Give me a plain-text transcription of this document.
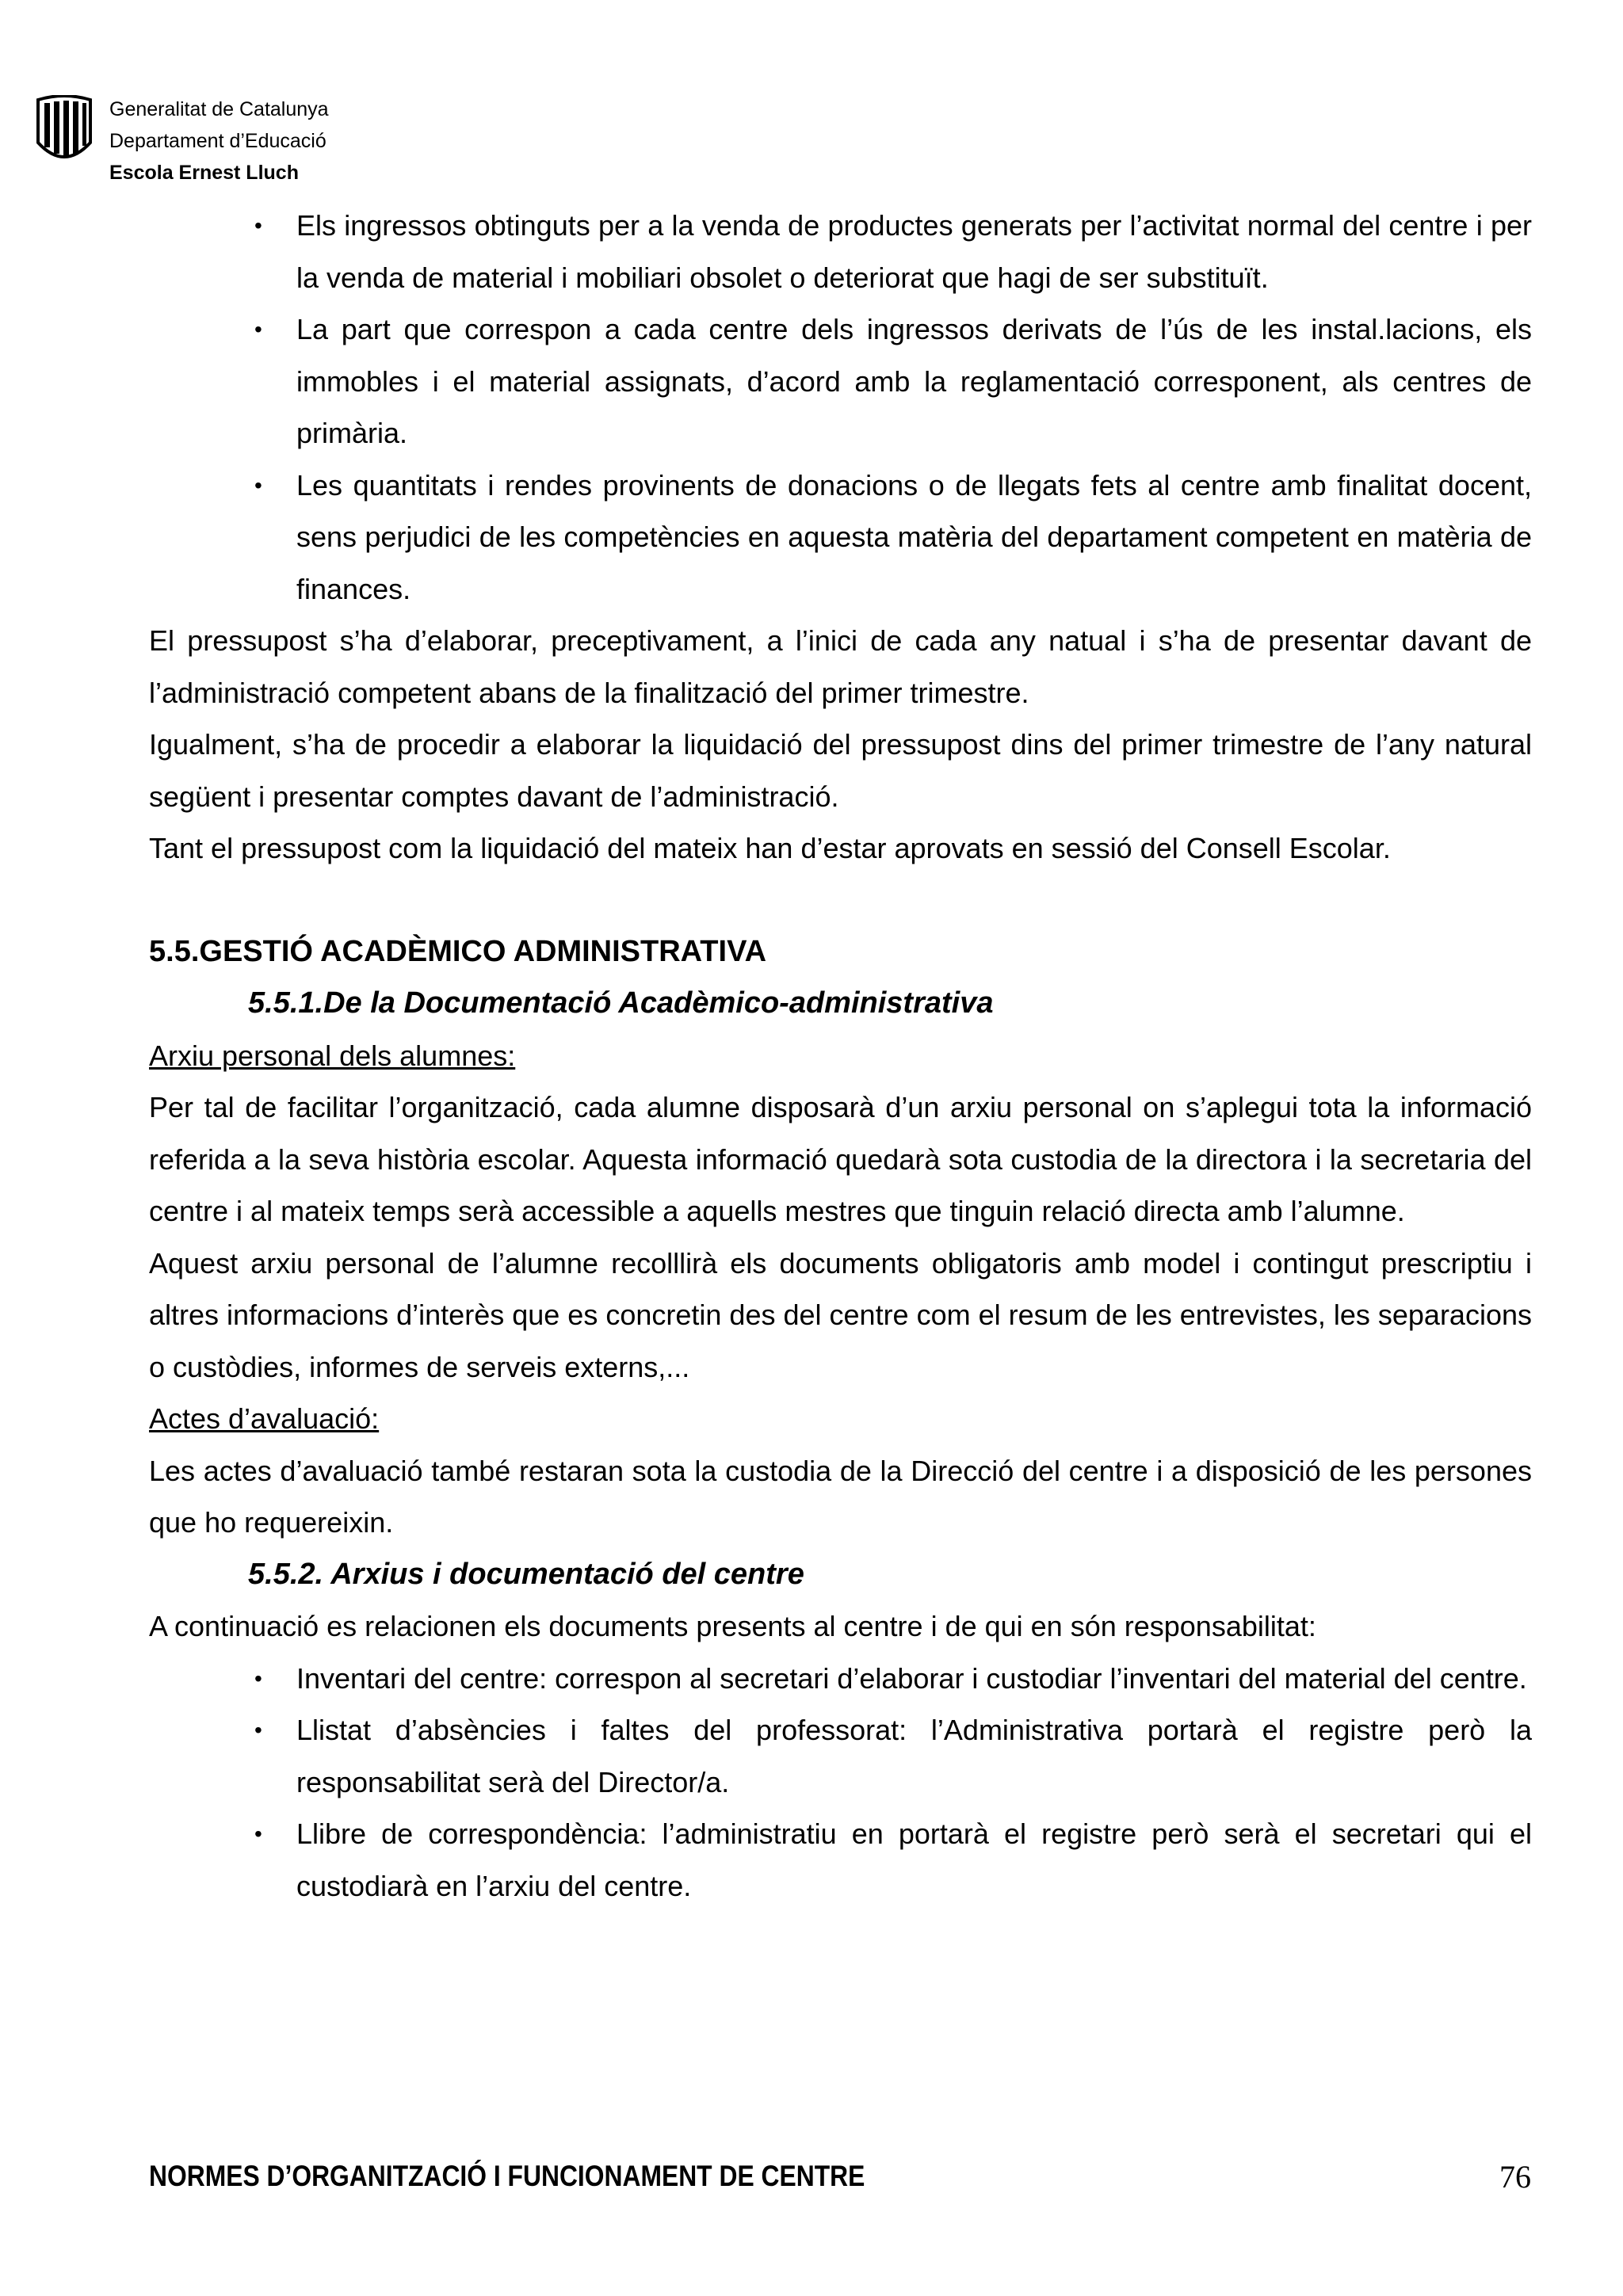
Generalitat de Catalunya
Departament d’Educació
Escola Ernest Lluch
• Els ingressos obtinguts per a la venda de productes generats per l’activitat normal del centre i per la venda de material i mobiliari obsolet o deteriorat que hagi de ser substituït.
• La part que correspon a cada centre dels ingressos derivats de l’ús de les instal.lacions, els immobles i el material assignats, d’acord amb la reglamentació corresponent, als centres de primària.
• Les quantitats i rendes provinents de donacions o de llegats fets al centre amb finalitat docent, sens perjudici de les competències en aquesta matèria del departament competent en matèria de finances.
El pressupost s’ha d’elaborar, preceptivament, a l’inici de cada any natual i s’ha de presentar davant de l’administració competent abans de la finalització del primer trimestre.
Igualment, s’ha de procedir a elaborar la liquidació del pressupost dins del primer trimestre de l’any natural següent i presentar comptes davant de l’administració.
Tant el pressupost com la liquidació del mateix han d’estar aprovats en sessió del Consell Escolar.
5.5.GESTIÓ ACADÈMICO ADMINISTRATIVA
5.5.1.De la Documentació Acadèmico-administrativa
Arxiu personal dels alumnes:
Per tal de facilitar l’organització, cada alumne disposarà d’un arxiu personal on s’aplegui tota la informació referida a la seva història escolar. Aquesta informació quedarà sota custodia de la directora i la secretaria del centre i al mateix temps serà accessible a aquells mestres que tinguin relació directa amb l’alumne.
Aquest arxiu personal de l’alumne recolllirà els documents obligatoris amb model i contingut prescriptiu i altres informacions d’interès que es concretin des del centre com el resum de les entrevistes, les separacions o custòdies, informes de serveis externs,...
Actes d’avaluació:
Les actes d’avaluació també restaran sota la custodia de la Direcció del centre i a disposició de les persones que ho requereixin.
5.5.2. Arxius i documentació del centre
A continuació es relacionen els documents presents al centre i de qui en són responsabilitat:
• Inventari del centre: correspon al secretari d’elaborar i custodiar l’inventari del material del centre.
• Llistat d’absències i faltes del professorat: l’Administrativa portarà el registre però la responsabilitat serà del Director/a.
• Llibre de correspondència: l’administratiu en portarà el registre però serà el secretari qui el custodiarà en l’arxiu del centre.
NORMES D’ORGANITZACIÓ I FUNCIONAMENT DE CENTRE	76
